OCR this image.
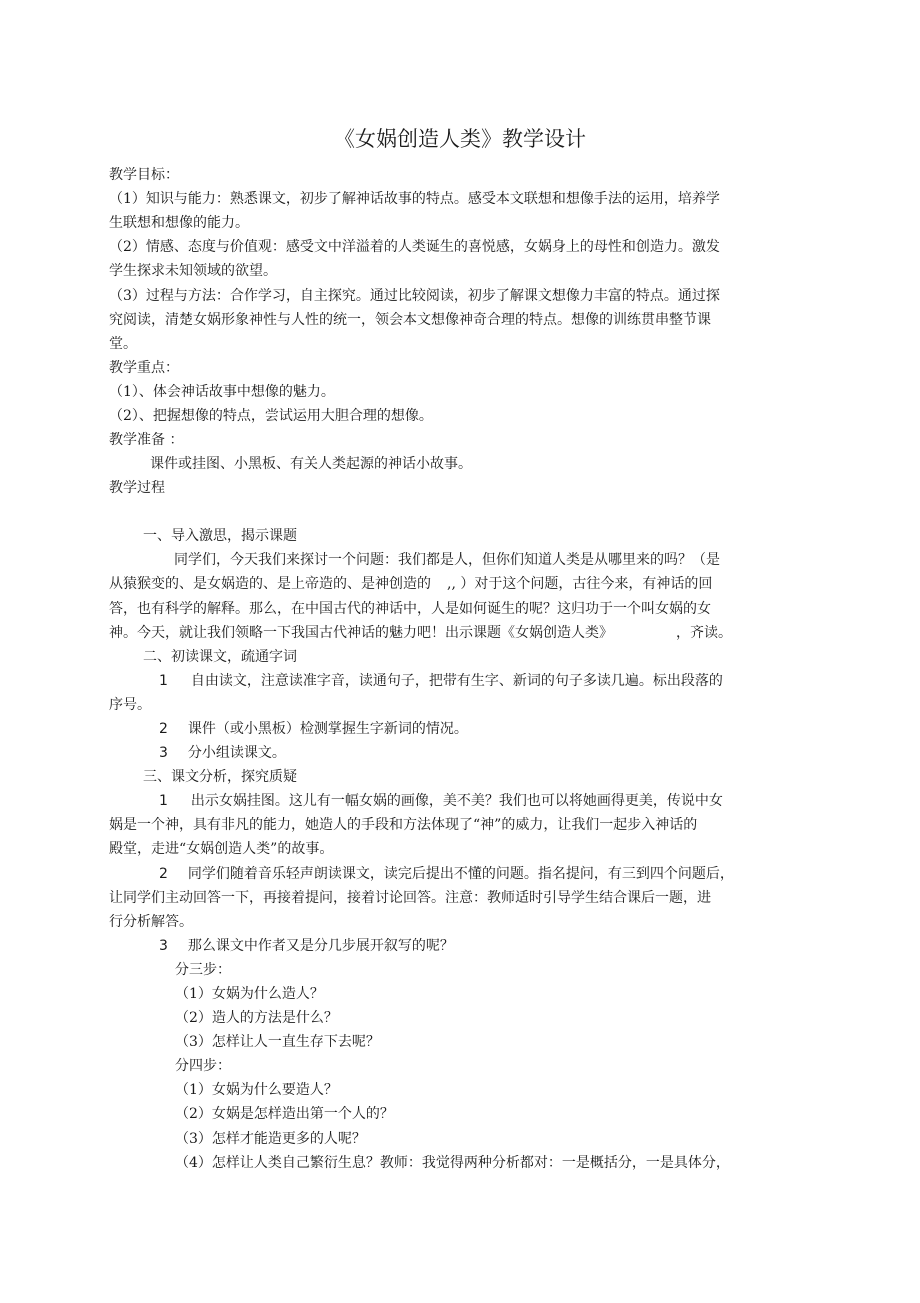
《女娲创造人类》教学设计
教学目标：
（1）知识与能力：熟悉课文，初步了解神话故事的特点。感受本文联想和想像手法的运用，培养学
生联想和想像的能力。
（2）情感、态度与价值观：感受文中洋溢着的人类诞生的喜悦感，女娲身上的母性和创造力。激发
学生探求未知领域的欲望。
（3）过程与方法：合作学习，自主探究。通过比较阅读，初步了解课文想像力丰富的特点。通过探
究阅读，清楚女娲形象神性与人性的统一，领会本文想像神奇合理的特点。想像的训练贯串整节课
堂。
教学重点：
（1）、体会神话故事中想像的魅力。
（2）、把握想像的特点，尝试运用大胆合理的想像。
教学准备 ：
课件或挂图、小黑板、有关人类起源的神话小故事。
教学过程
一、导入激思，揭示课题
同学们，今天我们来探讨一个问题：我们都是人，但你们知道人类是从哪里来的吗？（是
从猿猴变的、是女娲造的、是上帝造的、是神创造的 ,, ）对于这个问题，古往今来，有神话的回
答，也有科学的解释。那么，在中国古代的神话中，人是如何诞生的呢？这归功于一个叫女娲的女
神。今天，就让我们领略一下我国古代神话的魅力吧！出示课题《女娲创造人类》	，齐读。
二、初读课文，疏通字词
1 自由读文，注意读准字音，读通句子，把带有生字、新词的句子多读几遍。标出段落的
序号。
2 课件（或小黑板）检测掌握生字新词的情况。
3 分小组读课文。
三、课文分析，探究质疑
1 出示女娲挂图。这儿有一幅女娲的画像，美不美？我们也可以将她画得更美，传说中女
娲是一个神，具有非凡的能力，她造人的手段和方法体现了“神”的威力，让我们一起步入神话的
殿堂，走进“女娲创造人类”的故事。
2 同学们随着音乐轻声朗读课文，读完后提出不懂的问题。指名提问，有三到四个问题后，
让同学们主动回答一下，再接着提问，接着讨论回答。注意：教师适时引导学生结合课后一题，进
行分析解答。
3 那么课文中作者又是分几步展开叙写的呢？
分三步：
（1）女娲为什么造人？
（2）造人的方法是什么？
（3）怎样让人一直生存下去呢？
分四步：
（1）女娲为什么要造人？
（2）女娲是怎样造出第一个人的？
（3）怎样才能造更多的人呢？
（4）怎样让人类自己繁衍生息？教师：我觉得两种分析都对：一是概括分，一是具体分，
